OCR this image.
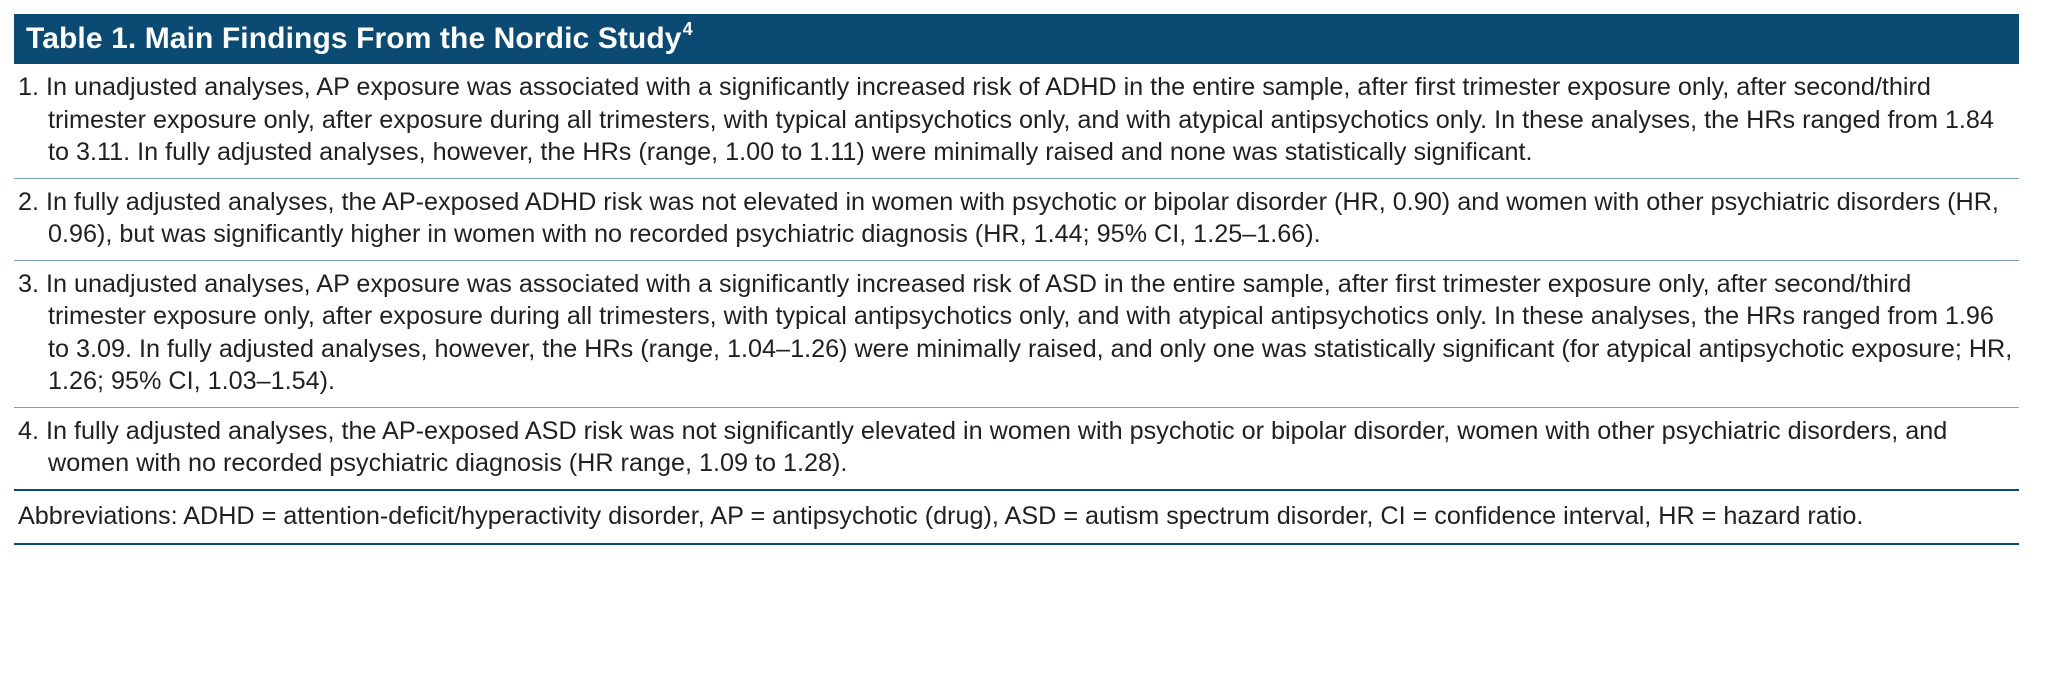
Table 1. Main Findings From the Nordic Study$^4$
1. In unadjusted analyses, AP exposure was associated with a significantly increased risk of ADHD in the entire sample, after first trimester exposure only, after second/third trimester exposure only, after exposure during all trimesters, with typical antipsychotics only, and with atypical antipsychotics only. In these analyses, the HRs ranged from 1.84 to 3.11. In fully adjusted analyses, however, the HRs (range, 1.00 to 1.11) were minimally raised and none was statistically significant.
2. In fully adjusted analyses, the AP-exposed ADHD risk was not elevated in women with psychotic or bipolar disorder (HR, 0.90) and women with other psychiatric disorders (HR, 0.96), but was significantly higher in women with no recorded psychiatric diagnosis (HR, 1.44; 95% CI, 1.25–1.66).
3. In unadjusted analyses, AP exposure was associated with a significantly increased risk of ASD in the entire sample, after first trimester exposure only, after second/third trimester exposure only, after exposure during all trimesters, with typical antipsychotics only, and with atypical antipsychotics only. In these analyses, the HRs ranged from 1.96 to 3.09. In fully adjusted analyses, however, the HRs (range, 1.04–1.26) were minimally raised, and only one was statistically significant (for atypical antipsychotic exposure; HR, 1.26; 95% CI, 1.03–1.54).
4. In fully adjusted analyses, the AP-exposed ASD risk was not significantly elevated in women with psychotic or bipolar disorder, women with other psychiatric disorders, and women with no recorded psychiatric diagnosis (HR range, 1.09 to 1.28).
Abbreviations: ADHD = attention-deficit/hyperactivity disorder, AP = antipsychotic (drug), ASD = autism spectrum disorder, CI = confidence interval, HR = hazard ratio.
